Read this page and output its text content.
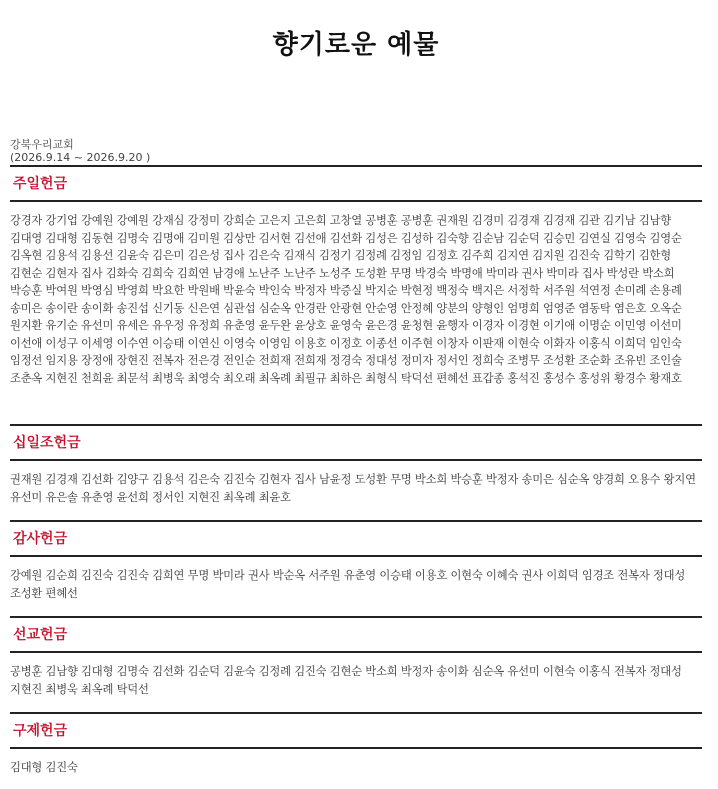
향기로운 예물
강북우리교회
(2026.9.14 ~ 2026.9.20 )
주일헌금
강경자 강기업 강예원 강예원 강재심 강정미 강희순 고은지 고은희 고창열 공병훈 공병훈 권재원 김경미 김경재 김경재 김관 김기남 김남향 김대영 김대형 김동현 김명숙 김명애 김미원 김상만 김서현 김선애 김선화 김성은 김성하 김숙향 김순남 김순덕 김승민 김연실 김영숙 김영순 김옥현 김용석 김용선 김윤숙 김은미 김은성 집사 김은숙 김재식 김정기 김정례 김정임 김정호 김주희 김지연 김지원 김진숙 김학기 김한형 김현순 김현자 집사 김화숙 김희숙 김희연 남경애 노난주 노난주 노성주 도성환 무명 박경숙 박명애 박미라 권사 박미라 집사 박성란 박소희 박승훈 박여원 박영심 박영희 박요한 박원배 박윤숙 박인숙 박정자 박증실 박지순 박현정 백정숙 백지은 서정학 서주원 석연정 손미례 손용례 송미은 송이란 송이화 송진섭 신기동 신은연 심관섭 심순옥 안경란 안광현 안순영 안정혜 양분의 양형인 엄명희 엄영준 염동탁 염은호 오옥순 원지환 유기순 유선미 유세은 유우정 유정희 유춘영 윤두완 윤상호 윤영숙 윤은경 윤청현 윤행자 이경자 이경현 이기애 이명순 이민영 이선미 이선애 이성구 이세영 이수연 이승태 이연신 이영숙 이영임 이용호 이정호 이종선 이주현 이창자 이판재 이현숙 이화자 이홍식 이희덕 임인숙 임정선 임지용 장정애 장현진 전복자 전은경 전인순 전희재 전희재 정경숙 정대성 정미자 정서인 정희숙 조병무 조성환 조순화 조유빈 조인술 조춘옥 지현진 천희윤 최문석 최병욱 최영숙 최오래 최옥례 최필규 최하은 최형식 탁덕선 편혜선 표갑종 홍석진 홍성수 홍성위 황경수 황재호
십일조헌금
권재원 김경재 김선화 김양구 김용석 김은숙 김진숙 김현자 집사 남윤정 도성환 무명 박소희 박승훈 박정자 송미은 심순옥 양경희 오용수 왕지연 유선미 유은솔 유춘영 윤선희 정서인 지현진 최옥례 최윤호
감사헌금
강예원 김순희 김진숙 김진숙 김희연 무명 박미라 권사 박순옥 서주원 유춘영 이승태 이용호 이현숙 이혜숙 권사 이희덕 임경조 전복자 정대성 조성환 편혜선
선교헌금
공병훈 김남향 김대형 김명숙 김선화 김순덕 김윤숙 김정례 김진숙 김현순 박소희 박정자 송이화 심순옥 유선미 이현숙 이홍식 전복자 정대성 지현진 최병욱 최옥례 탁덕선
구제헌금
김대형 김진숙
